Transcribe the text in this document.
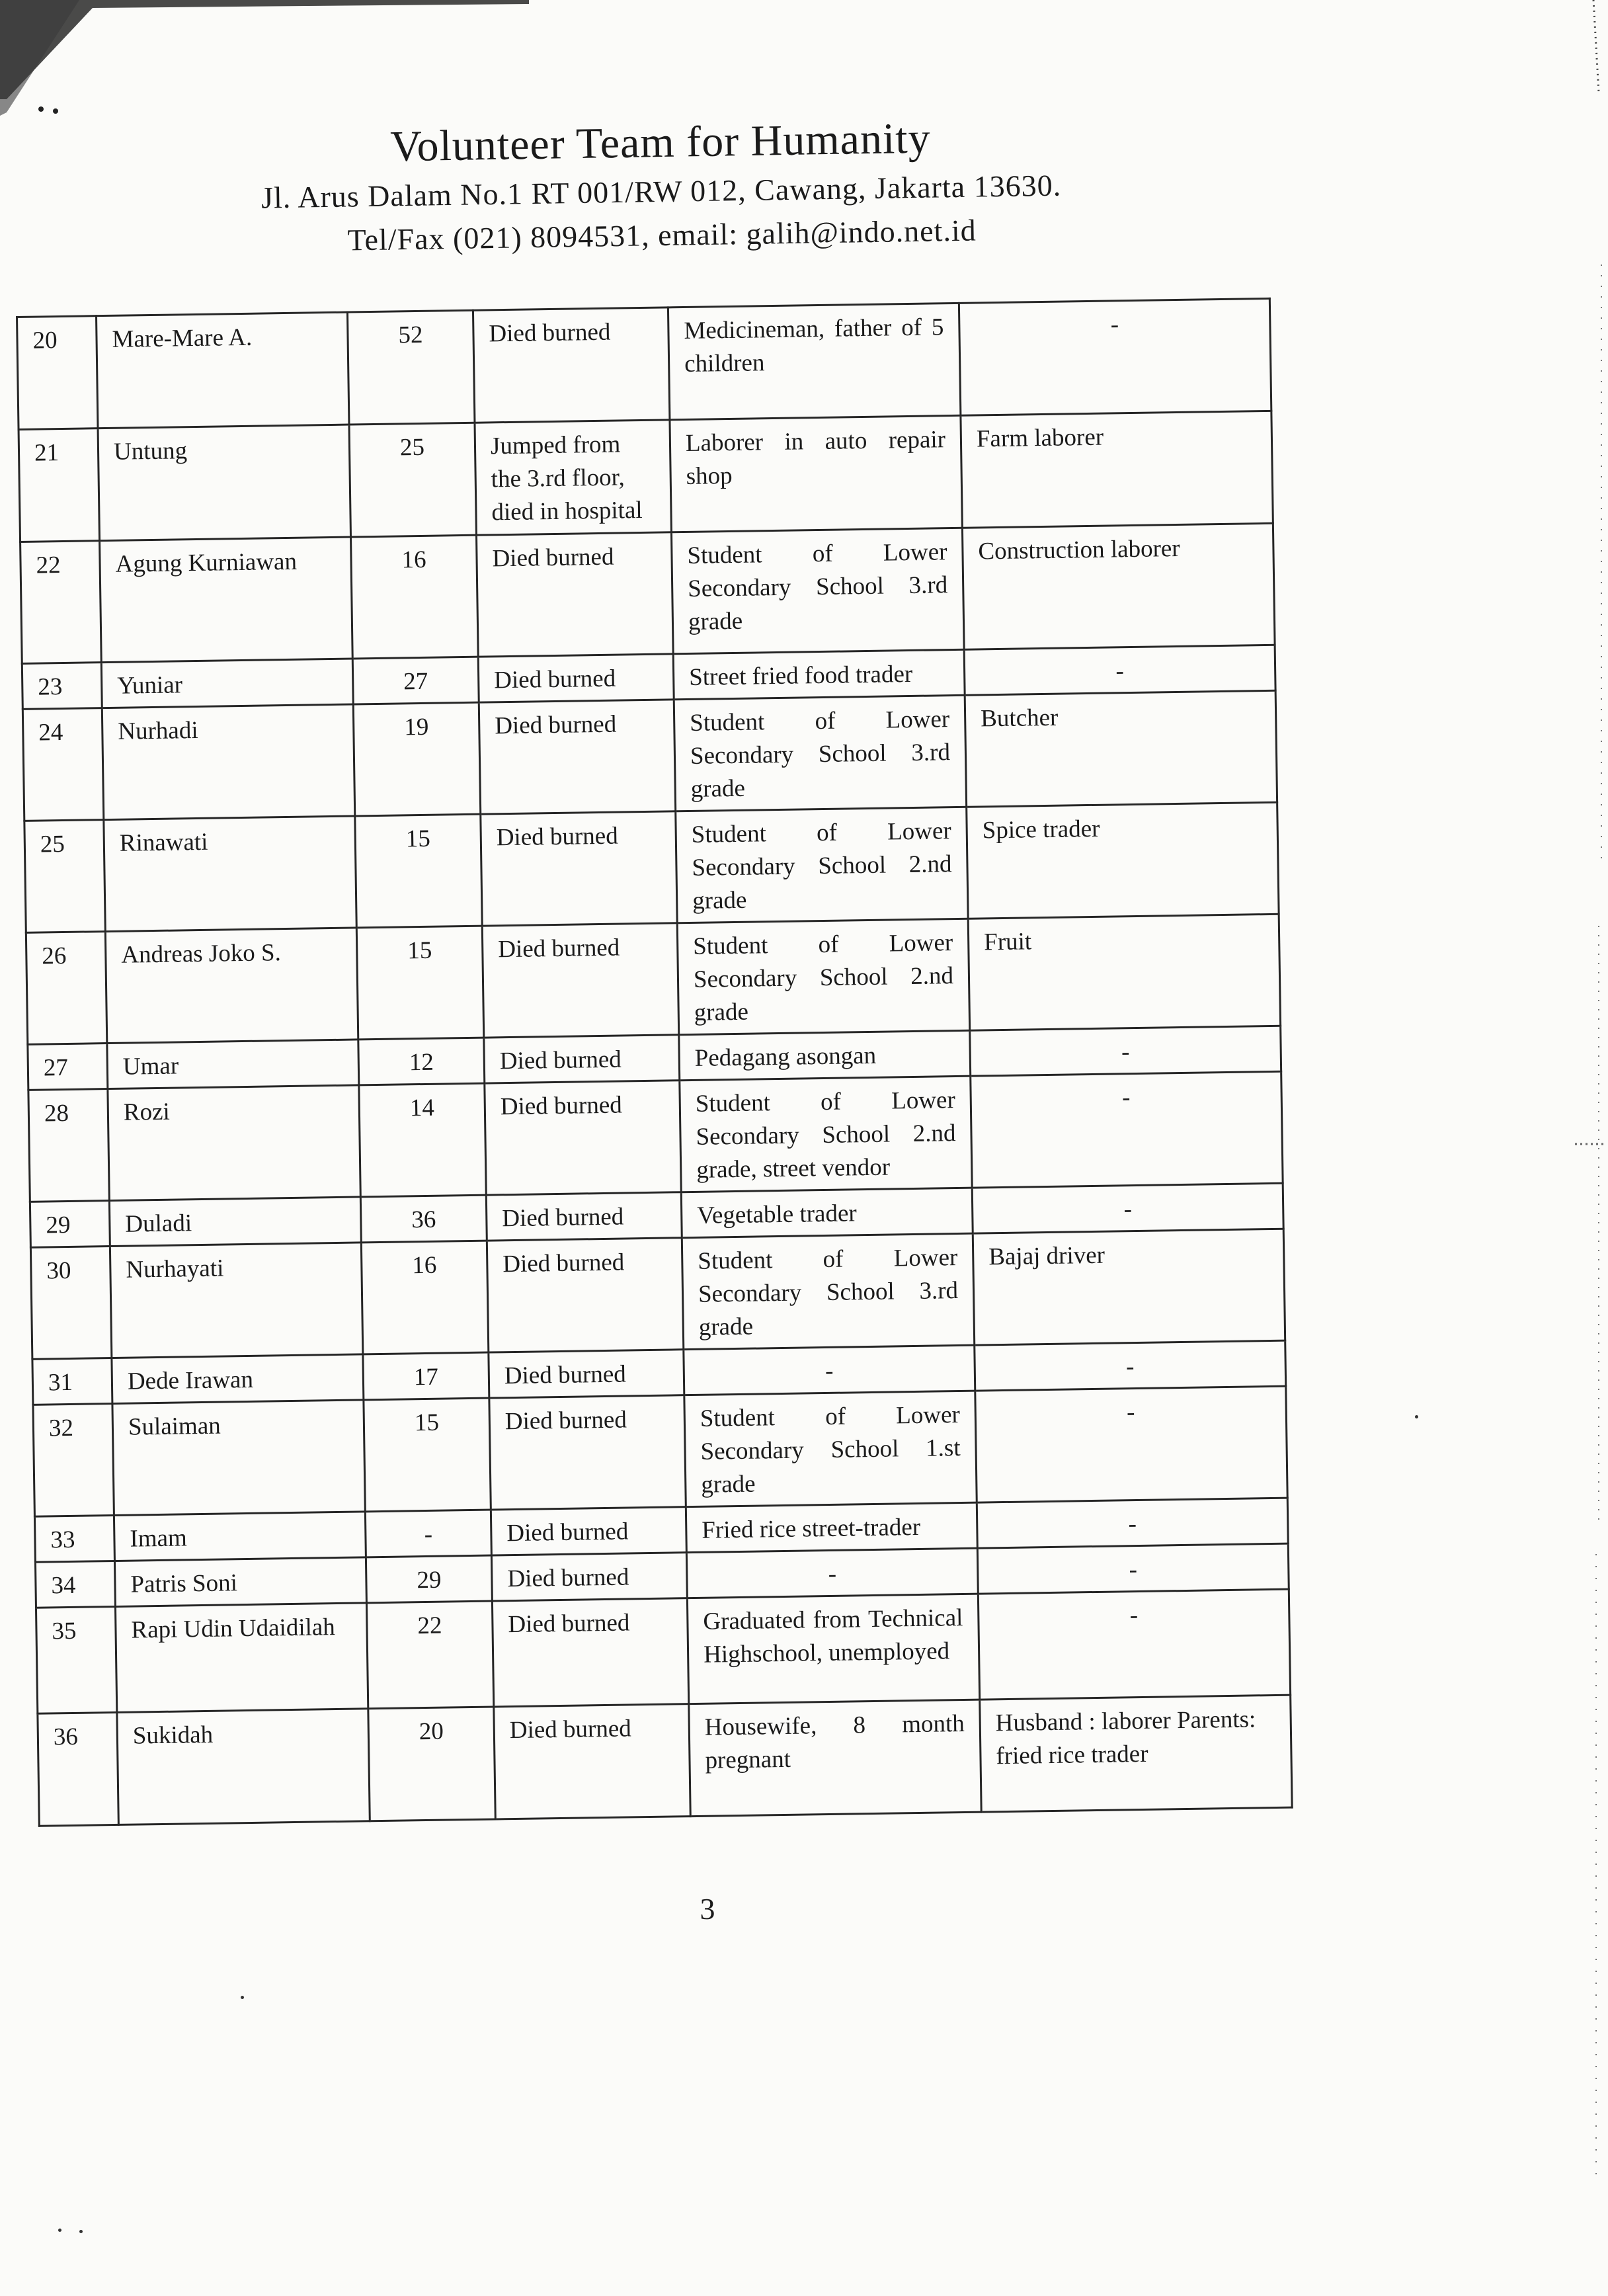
Volunteer Team for Humanity
Jl. Arus Dalam No.1 RT 001/RW 012, Cawang, Jakarta 13630.
Tel/Fax (021) 8094531, email: galih@indo.net.id
20	Mare-Mare A.	52	Died burned	Medicineman, father of 5 children	-
21	Untung	25	Jumped from the 3.rd floor, died in hospital	Laborer in auto repair shop	Farm laborer
22	Agung Kurniawan	16	Died burned	Student of Lower Secondary School 3.rd grade	Construction laborer
23	Yuniar	27	Died burned	Street fried food trader	-
24	Nurhadi	19	Died burned	Student of Lower Secondary School 3.rd grade	Butcher
25	Rinawati	15	Died burned	Student of Lower Secondary School 2.nd grade	Spice trader
26	Andreas Joko S.	15	Died burned	Student of Lower Secondary School 2.nd grade	Fruit
27	Umar	12	Died burned	Pedagang asongan	-
28	Rozi	14	Died burned	Student of Lower Secondary School 2.nd grade, street vendor	-
29	Duladi	36	Died burned	Vegetable trader	-
30	Nurhayati	16	Died burned	Student of Lower Secondary School 3.rd grade	Bajaj driver
31	Dede Irawan	17	Died burned	-	-
32	Sulaiman	15	Died burned	Student of Lower Secondary School 1.st grade	-
33	Imam	-	Died burned	Fried rice street-trader	-
34	Patris Soni	29	Died burned	-	-
35	Rapi Udin Udaidilah	22	Died burned	Graduated from Technical Highschool, unemployed	-
36	Sukidah	20	Died burned	Housewife, 8 month pregnant	Husband : laborer Parents: fried rice trader
3
